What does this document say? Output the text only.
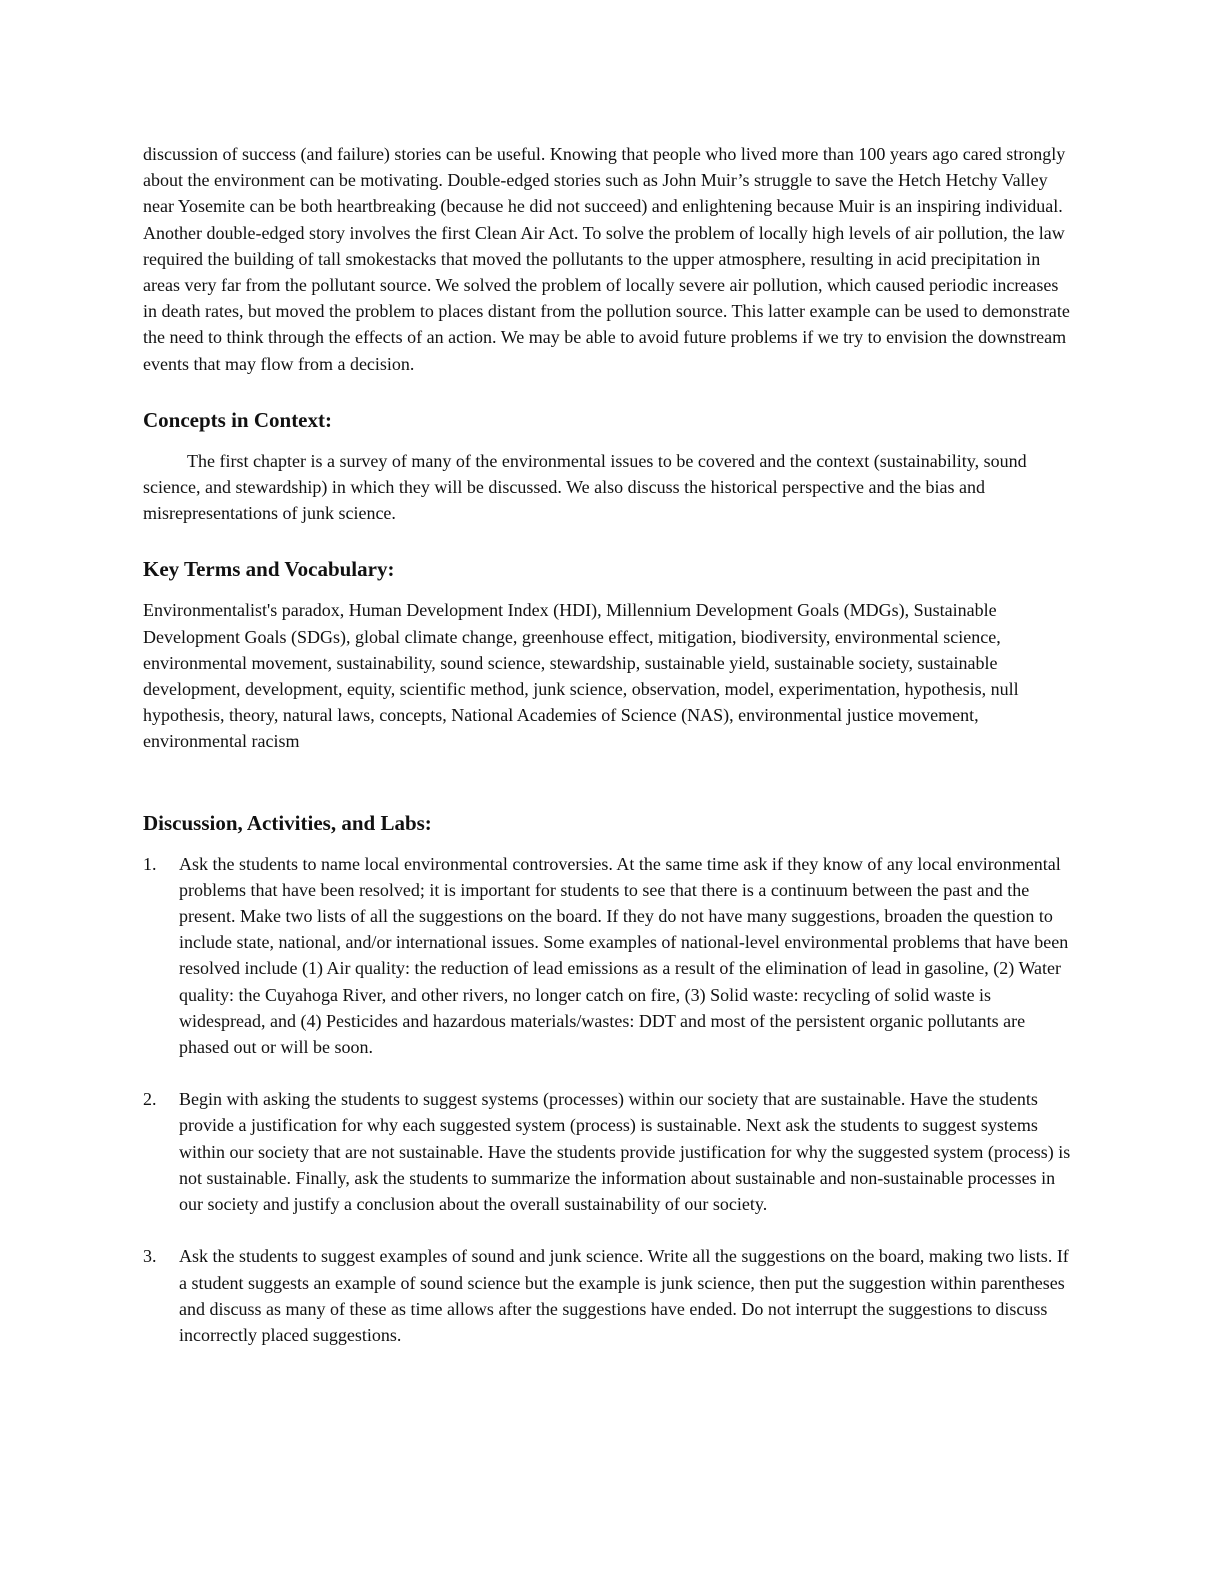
discussion of success (and failure) stories can be useful. Knowing that people who lived more than 100 years ago cared strongly about the environment can be motivating. Double-edged stories such as John Muir’s struggle to save the Hetch Hetchy Valley near Yosemite can be both heartbreaking (because he did not succeed) and enlightening because Muir is an inspiring individual. Another double-edged story involves the first Clean Air Act. To solve the problem of locally high levels of air pollution, the law required the building of tall smokestacks that moved the pollutants to the upper atmosphere, resulting in acid precipitation in areas very far from the pollutant source. We solved the problem of locally severe air pollution, which caused periodic increases in death rates, but moved the problem to places distant from the pollution source. This latter example can be used to demonstrate the need to think through the effects of an action. We may be able to avoid future problems if we try to envision the downstream events that may flow from a decision.

Concepts in Context:

The first chapter is a survey of many of the environmental issues to be covered and the context (sustainability, sound science, and stewardship) in which they will be discussed. We also discuss the historical perspective and the bias and misrepresentations of junk science.

Key Terms and Vocabulary:

Environmentalist's paradox, Human Development Index (HDI), Millennium Development Goals (MDGs), Sustainable Development Goals (SDGs), global climate change, greenhouse effect, mitigation, biodiversity, environmental science, environmental movement, sustainability, sound science, stewardship, sustainable yield, sustainable society, sustainable development, development, equity, scientific method, junk science, observation, model, experimentation, hypothesis, null hypothesis, theory, natural laws, concepts, National Academies of Science (NAS), environmental justice movement, environmental racism

Discussion, Activities, and Labs:
1. Ask the students to name local environmental controversies. At the same time ask if they know of any local environmental problems that have been resolved; it is important for students to see that there is a continuum between the past and the present. Make two lists of all the suggestions on the board. If they do not have many suggestions, broaden the question to include state, national, and/or international issues. Some examples of national-level environmental problems that have been resolved include (1) Air quality: the reduction of lead emissions as a result of the elimination of lead in gasoline, (2) Water quality: the Cuyahoga River, and other rivers, no longer catch on fire, (3) Solid waste: recycling of solid waste is widespread, and (4) Pesticides and hazardous materials/wastes: DDT and most of the persistent organic pollutants are phased out or will be soon.
2. Begin with asking the students to suggest systems (processes) within our society that are sustainable. Have the students provide a justification for why each suggested system (process) is sustainable. Next ask the students to suggest systems within our society that are not sustainable. Have the students provide justification for why the suggested system (process) is not sustainable. Finally, ask the students to summarize the information about sustainable and non-sustainable processes in our society and justify a conclusion about the overall sustainability of our society.
3. Ask the students to suggest examples of sound and junk science. Write all the suggestions on the board, making two lists. If a student suggests an example of sound science but the example is junk science, then put the suggestion within parentheses and discuss as many of these as time allows after the suggestions have ended. Do not interrupt the suggestions to discuss incorrectly placed suggestions.
